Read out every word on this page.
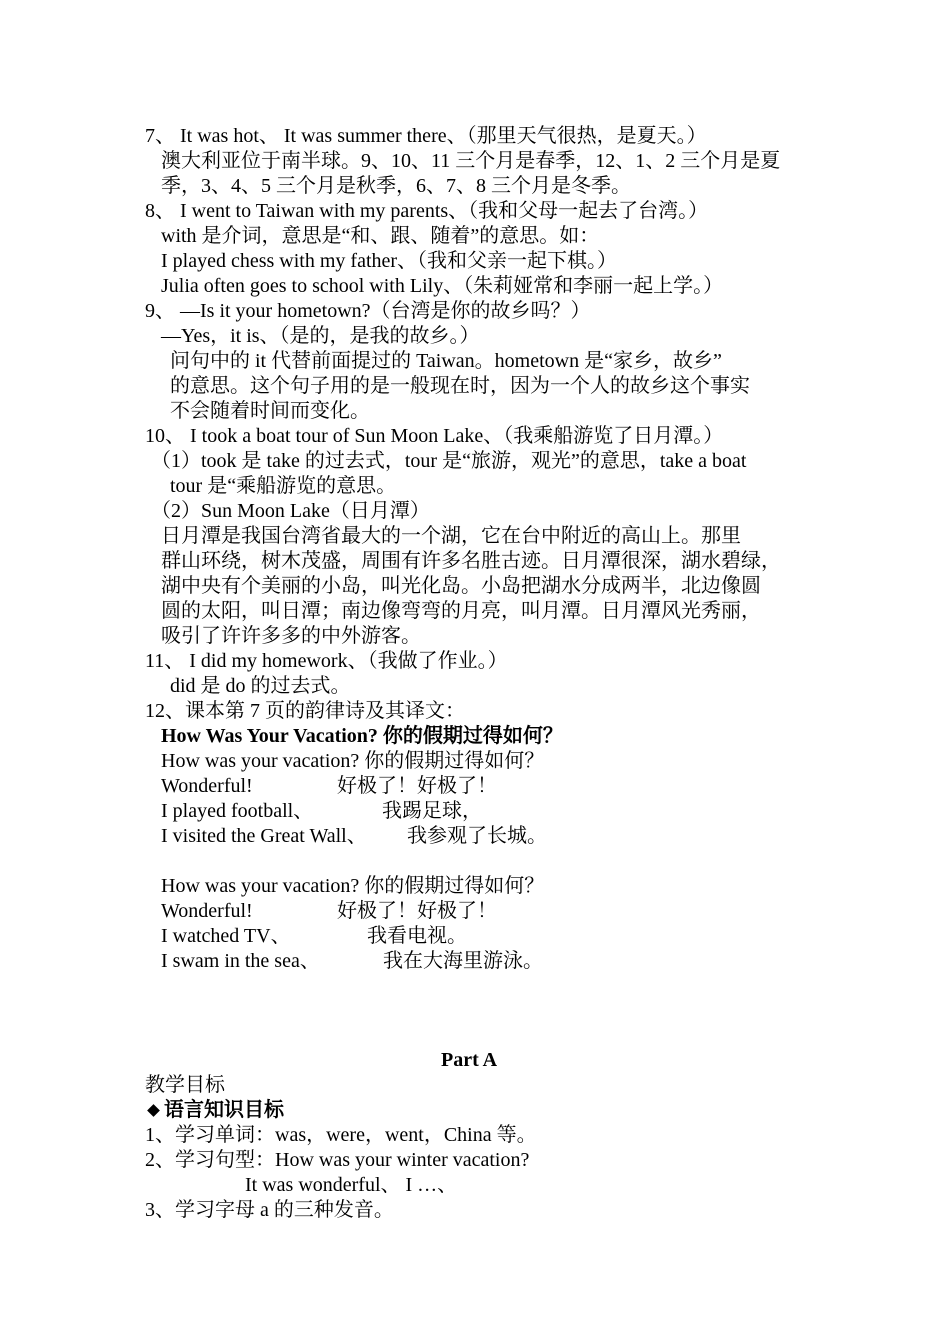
7、 It was hot、 It was summer there、（那里天气很热，是夏天。）
澳大利亚位于南半球。9、10、11 三个月是春季，12、1、2 三个月是夏
季，3、4、5 三个月是秋季，6、7、8 三个月是冬季。
8、 I went to Taiwan with my parents、（我和父母一起去了台湾。）
with 是介词，意思是“和、跟、随着”的意思。如：
I played chess with my father、（我和父亲一起下棋。）
Julia often goes to school with Lily、（朱莉娅常和李丽一起上学。）
9、 —Is it your hometown?（台湾是你的故乡吗？）
—Yes，it is、（是的，是我的故乡。）
问句中的 it 代替前面提过的 Taiwan。hometown 是“家乡，故乡”
的意思。这个句子用的是一般现在时，因为一个人的故乡这个事实
不会随着时间而变化。
10、 I took a boat tour of Sun Moon Lake、（我乘船游览了日月潭。）
（1）took 是 take 的过去式，tour 是“旅游，观光”的意思，take a boat
tour 是“乘船游览的意思。
（2）Sun Moon Lake（日月潭）
日月潭是我国台湾省最大的一个湖，它在台中附近的高山上。那里
群山环绕，树木茂盛，周围有许多名胜古迹。日月潭很深，湖水碧绿，
湖中央有个美丽的小岛，叫光化岛。小岛把湖水分成两半，北边像圆
圆的太阳，叫日潭；南边像弯弯的月亮，叫月潭。日月潭风光秀丽，
吸引了许许多多的中外游客。
11、 I did my homework、（我做了作业。）
did 是 do 的过去式。
12、课本第 7 页的韵律诗及其译文：
How Was Your Vacation? 你的假期过得如何？
How was your vacation? 你的假期过得如何？
Wonderful!	好极了！好极了！
I played football、	我踢足球，
I visited the Great Wall、 我参观了长城。
How was your vacation? 你的假期过得如何？
Wonderful!	好极了！好极了！
I watched TV、	我看电视。
I swam in the sea、	我在大海里游泳。
Part A
教学目标
语言知识目标
1、学习单词：was，were，went，China 等。
2、学习句型：How was your winter vacation?
It was wonderful、 I …、
3、学习字母 a 的三种发音。
